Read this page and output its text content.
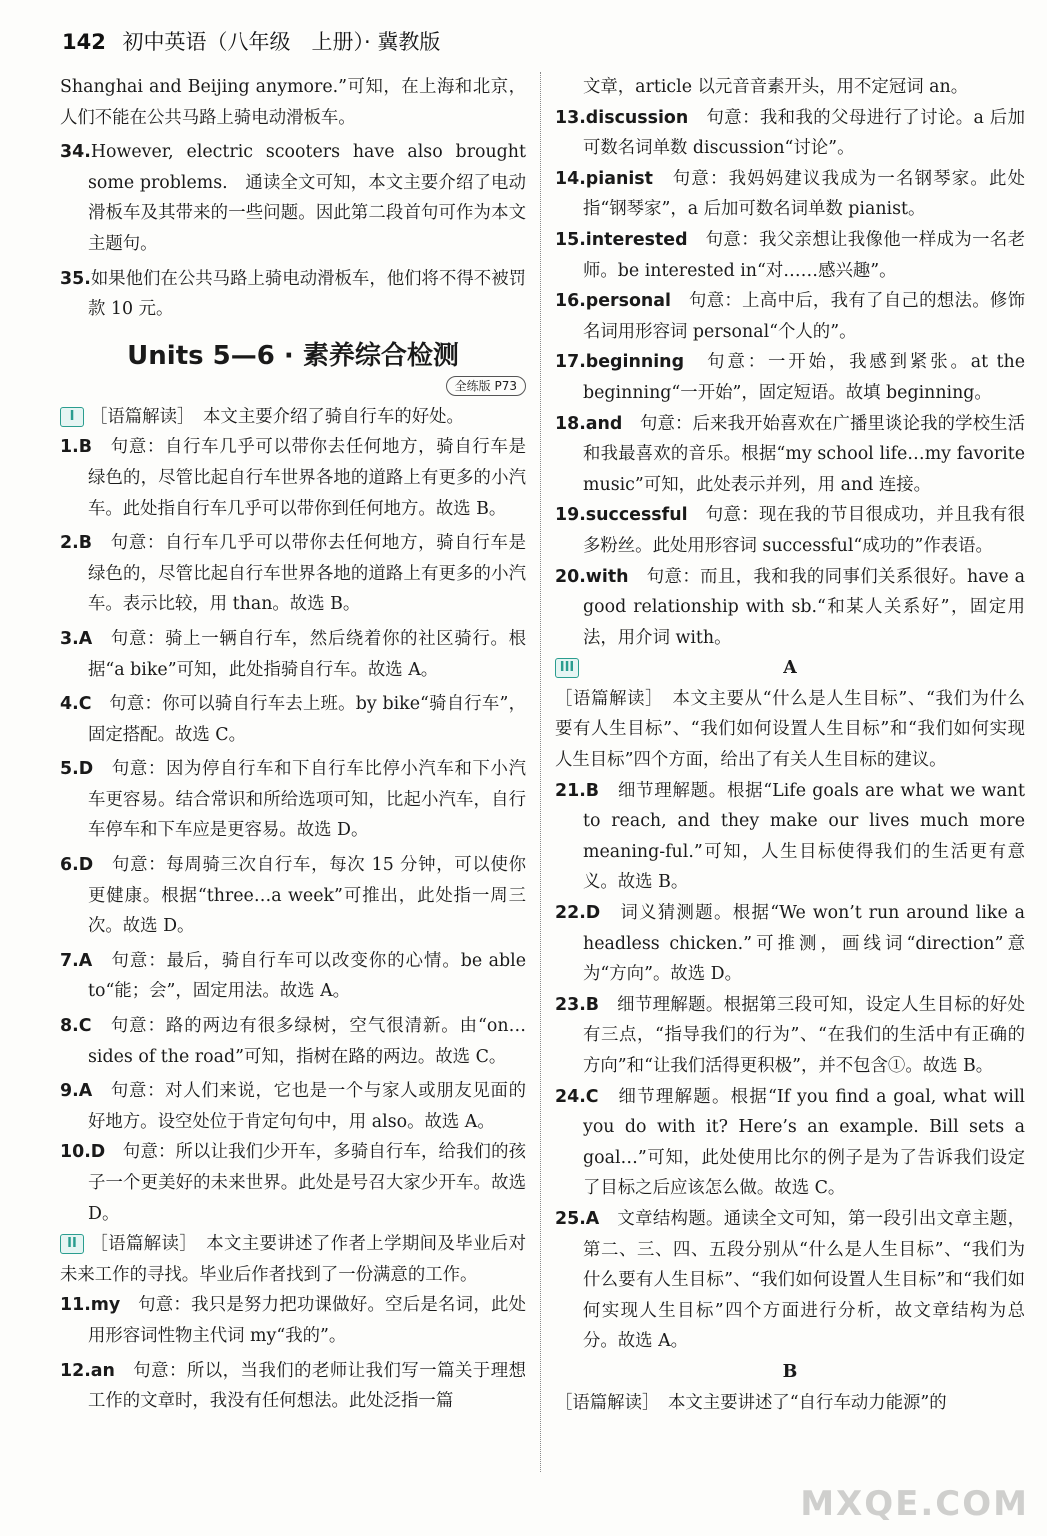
142 初中英语（八年级　上册）· 冀教版

Shanghai and Beijing anymore.”可知，在上海和北京，人们不能在公共马路上骑电动滑板车。

34.However, electric scooters have also brought some problems.　通读全文可知，本文主要介绍了电动滑板车及其带来的一些问题。因此第二段首句可作为本文主题句。

35.如果他们在公共马路上骑电动滑板车，他们将不得不被罚款 10 元。

Units 5—6 · 素养综合检测
全练版 P73

I ［语篇解读］　本文主要介绍了骑自行车的好处。

1.B　句意：自行车几乎可以带你去任何地方，骑自行车是绿色的，尽管比起自行车世界各地的道路上有更多的小汽车。此处指自行车几乎可以带你到任何地方。故选 B。

2.B　句意：自行车几乎可以带你去任何地方，骑自行车是绿色的，尽管比起自行车世界各地的道路上有更多的小汽车。表示比较，用 than。故选 B。

3.A　句意：骑上一辆自行车，然后绕着你的社区骑行。根据“a bike”可知，此处指骑自行车。故选 A。

4.C　句意：你可以骑自行车去上班。by bike“骑自行车”，固定搭配。故选 C。

5.D　句意：因为停自行车和下自行车比停小汽车和下小汽车更容易。结合常识和所给选项可知，比起小汽车，自行车停车和下车应是更容易。故选 D。

6.D　句意：每周骑三次自行车，每次 15 分钟，可以使你更健康。根据“three…a week”可推出，此处指一周三次。故选 D。

7.A　句意：最后，骑自行车可以改变你的心情。be able to“能；会”，固定用法。故选 A。

8.C　句意：路的两边有很多绿树，空气很清新。由“on…sides of the road”可知，指树在路的两边。故选 C。

9.A　句意：对人们来说，它也是一个与家人或朋友见面的好地方。设空处位于肯定句句中，用 also。故选 A。

10.D　句意：所以让我们少开车，多骑自行车，给我们的孩子一个更美好的未来世界。此处是号召大家少开车。故选 D。

II ［语篇解读］　本文主要讲述了作者上学期间及毕业后对未来工作的寻找。毕业后作者找到了一份满意的工作。

11.my　句意：我只是努力把功课做好。空后是名词，此处用形容词性物主代词 my“我的”。

12.an　句意：所以，当我们的老师让我们写一篇关于理想工作的文章时，我没有任何想法。此处泛指一篇

文章，article 以元音音素开头，用不定冠词 an。

13.discussion　句意：我和我的父母进行了讨论。a 后加可数名词单数 discussion“讨论”。

14.pianist　句意：我妈妈建议我成为一名钢琴家。此处指“钢琴家”，a 后加可数名词单数 pianist。

15.interested　句意：我父亲想让我像他一样成为一名老师。be interested in“对……感兴趣”。

16.personal　句意：上高中后，我有了自己的想法。修饰名词用形容词 personal“个人的”。

17.beginning　句意：一开始，我感到紧张。at the beginning“一开始”，固定短语。故填 beginning。

18.and　句意：后来我开始喜欢在广播里谈论我的学校生活和我最喜欢的音乐。根据“my school life…my favorite music”可知，此处表示并列，用 and 连接。

19.successful　句意：现在我的节目很成功，并且我有很多粉丝。此处用形容词 successful“成功的”作表语。

20.with　句意：而且，我和我的同事们关系很好。have a good relationship with sb.“和某人关系好”，固定用法，用介词 with。

III	A

［语篇解读］　本文主要从“什么是人生目标”、“我们为什么要有人生目标”、“我们如何设置人生目标”和“我们如何实现人生目标”四个方面，给出了有关人生目标的建议。

21.B　细节理解题。根据“Life goals are what we want to reach, and they make our lives much more meaning-ful.”可知，人生目标使得我们的生活更有意义。故选 B。

22.D　词义猜测题。根据“We won’t run around like a headless chicken.”可推测，画线词“direction”意为“方向”。故选 D。

23.B　细节理解题。根据第三段可知，设定人生目标的好处有三点，“指导我们的行为”、“在我们的生活中有正确的方向”和“让我们活得更积极”，并不包含①。故选 B。

24.C　细节理解题。根据“If you find a goal, what will you do with it? Here’s an example. Bill sets a goal…”可知，此处使用比尔的例子是为了告诉我们设定了目标之后应该怎么做。故选 C。

25.A　文章结构题。通读全文可知，第一段引出文章主题，第二、三、四、五段分别从“什么是人生目标”、“我们为什么要有人生目标”、“我们如何设置人生目标”和“我们如何实现人生目标”四个方面进行分析，故文章结构为总分。故选 A。

B

［语篇解读］　本文主要讲述了“自行车动力能源”的

MXQE.COM
